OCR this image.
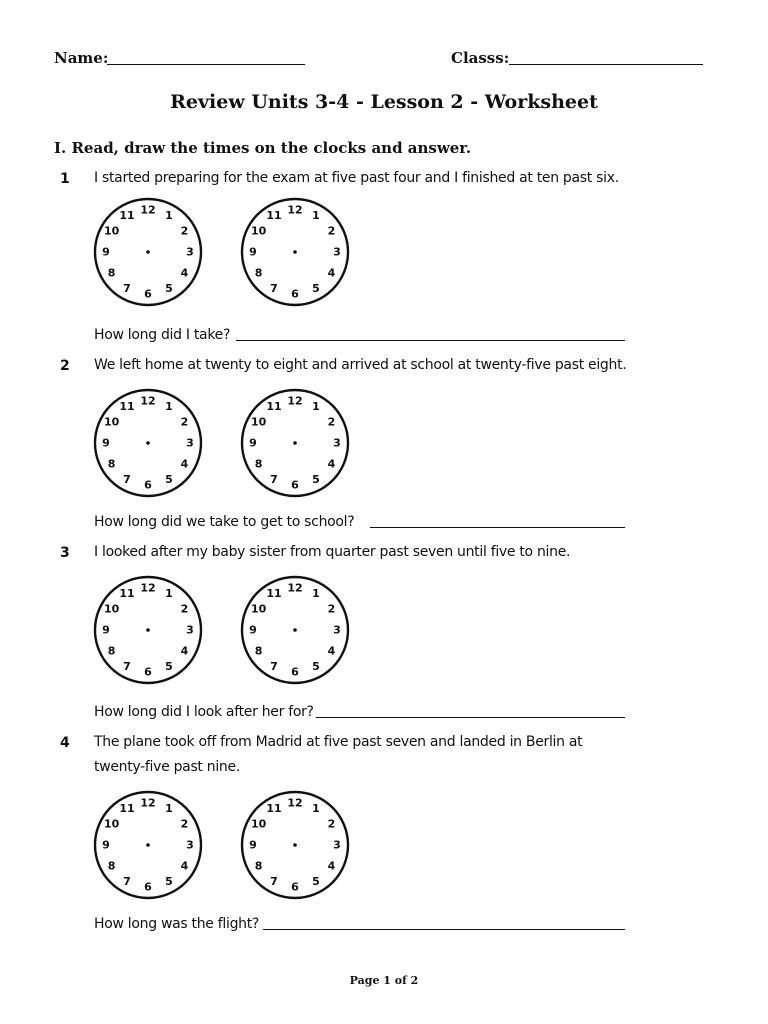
Name:	Classs:
Review Units 3-4 - Lesson 2 - Worksheet
I. Read, draw the times on the clocks and answer.
1 I started preparing for the exam at five past four and I finished at ten past six.
12 1
2
3
4
5
6
7
8
9
10
11	12 1
2
3
4
5
6
7
8
9
10
11
How long did I take?
2 We left home at twenty to eight and arrived at school at twenty-five past eight.
12 1
2
3
4
5
6
7
8
9
10
11	12 1
2
3
4
5
6
7
8
9
10
11
How long did we take to get to school?
3 I looked after my baby sister from quarter past seven until five to nine.
12 1
2
3
4
5
6
7
8
9
10
11	12 1
2
3
4
5
6
7
8
9
10
11
How long did I look after her for?
4 The plane took off from Madrid at five past seven and landed in Berlin at twenty-five past nine.
12 1
2
3
4
5
6
7
8
9
10
11	12 1
2
3
4
5
6
7
8
9
10
11
How long was the flight?
Page 1 of 2
